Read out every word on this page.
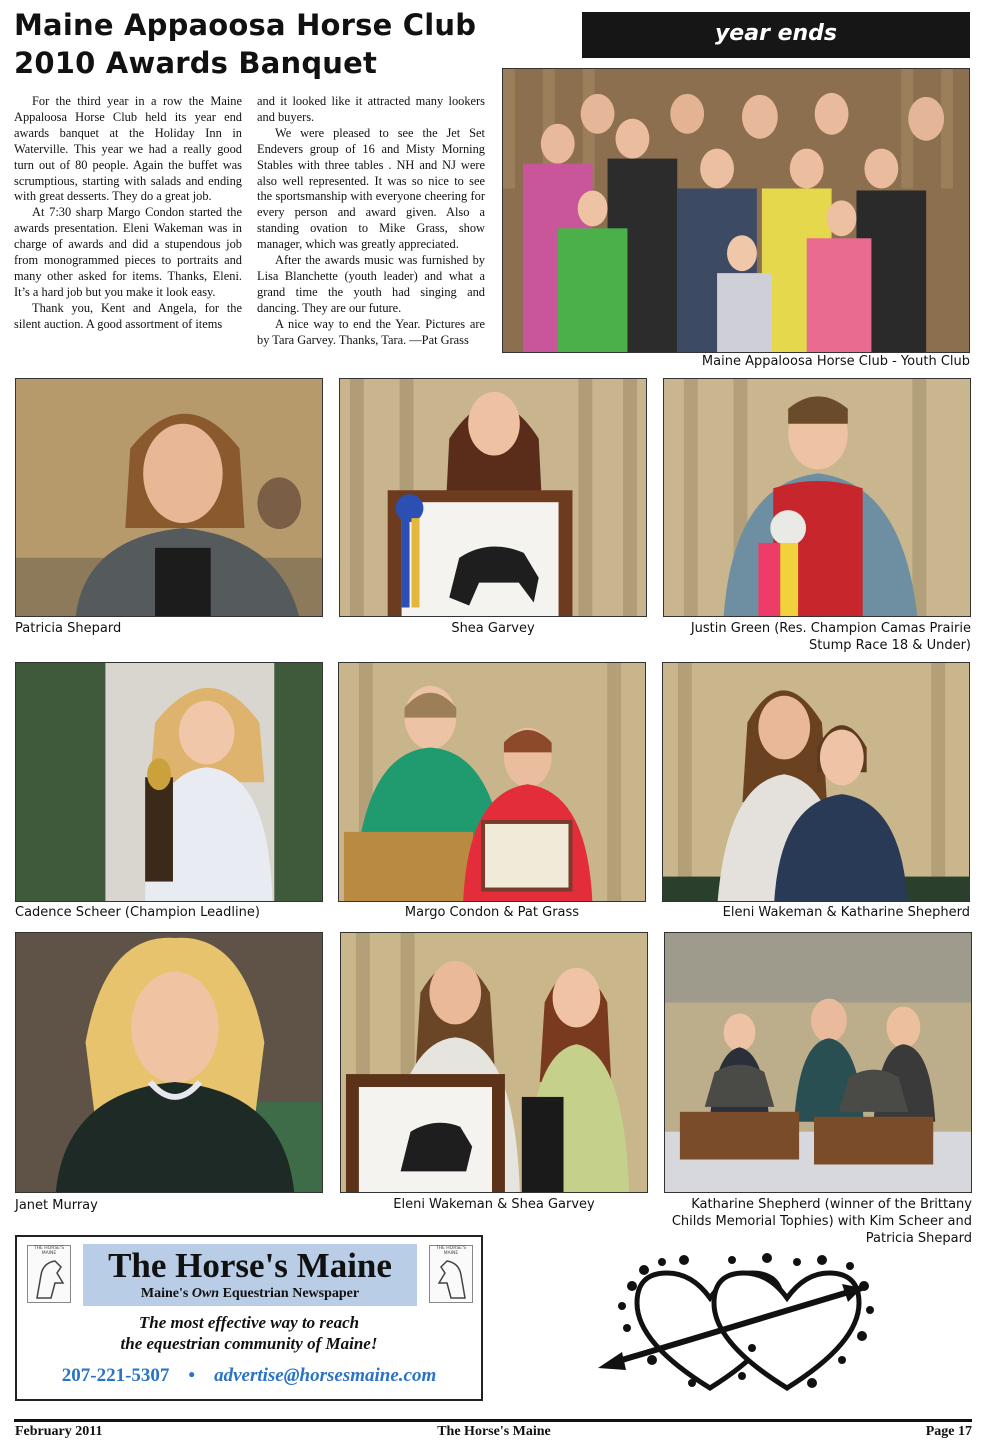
Maine Appaoosa Horse Club
2010 Awards Banquet
year ends

For the third year in a row the Maine Appaloosa Horse Club held its year end awards banquet at the Holiday Inn in Waterville. This year we had a really good turn out of 80 people. Again the buffet was scrumptious, starting with salads and ending with great desserts. They do a great job.

At 7:30 sharp Margo Condon started the awards presentation. Eleni Wakeman was in charge of awards and did a stupendous job from monogrammed pieces to portraits and many other asked for items. Thanks, Eleni. It’s a hard job but you make it look easy.

Thank you, Kent and Angela, for the silent auction. A good assortment of items

and it looked like it attracted many lookers and buyers.

We were pleased to see the Jet Set Endevers group of 16 and Misty Morning Stables with three tables . NH and NJ were also well represented. It was so nice to see the sportsmanship with everyone cheering for every person and award given. Also a standing ovation to Mike Grass, show manager, which was greatly appreciated.

After the awards music was furnished by Lisa Blanchette (youth leader) and what a grand time the youth had singing and dancing. They are our future.

A nice way to end the Year. Pictures are by Tara Garvey. Thanks, Tara. —Pat Grass

Maine Appaloosa Horse Club - Youth Club
Patricia Shepard	Shea Garvey	Justin Green (Res. Champion Camas Prairie
Stump Race 18 & Under)
Cadence Scheer (Champion Leadline)	Margo Condon & Pat Grass	Eleni Wakeman & Katharine Shepherd
Janet Murray	Eleni Wakeman & Shea Garvey	Katharine Shepherd (winner of the Brittany
Childs Memorial Tophies) with Kim Scheer and
Patricia Shepard
THE HORSE'S MAINE	The Horse's Maine
Maine's Own Equestrian Newspaper
THE HORSE'S MAINE
The most effective way to reach
the equestrian community of Maine!
207-221-5307 • advertise@horsesmaine.com
February 2011	The Horse's Maine	Page 17
